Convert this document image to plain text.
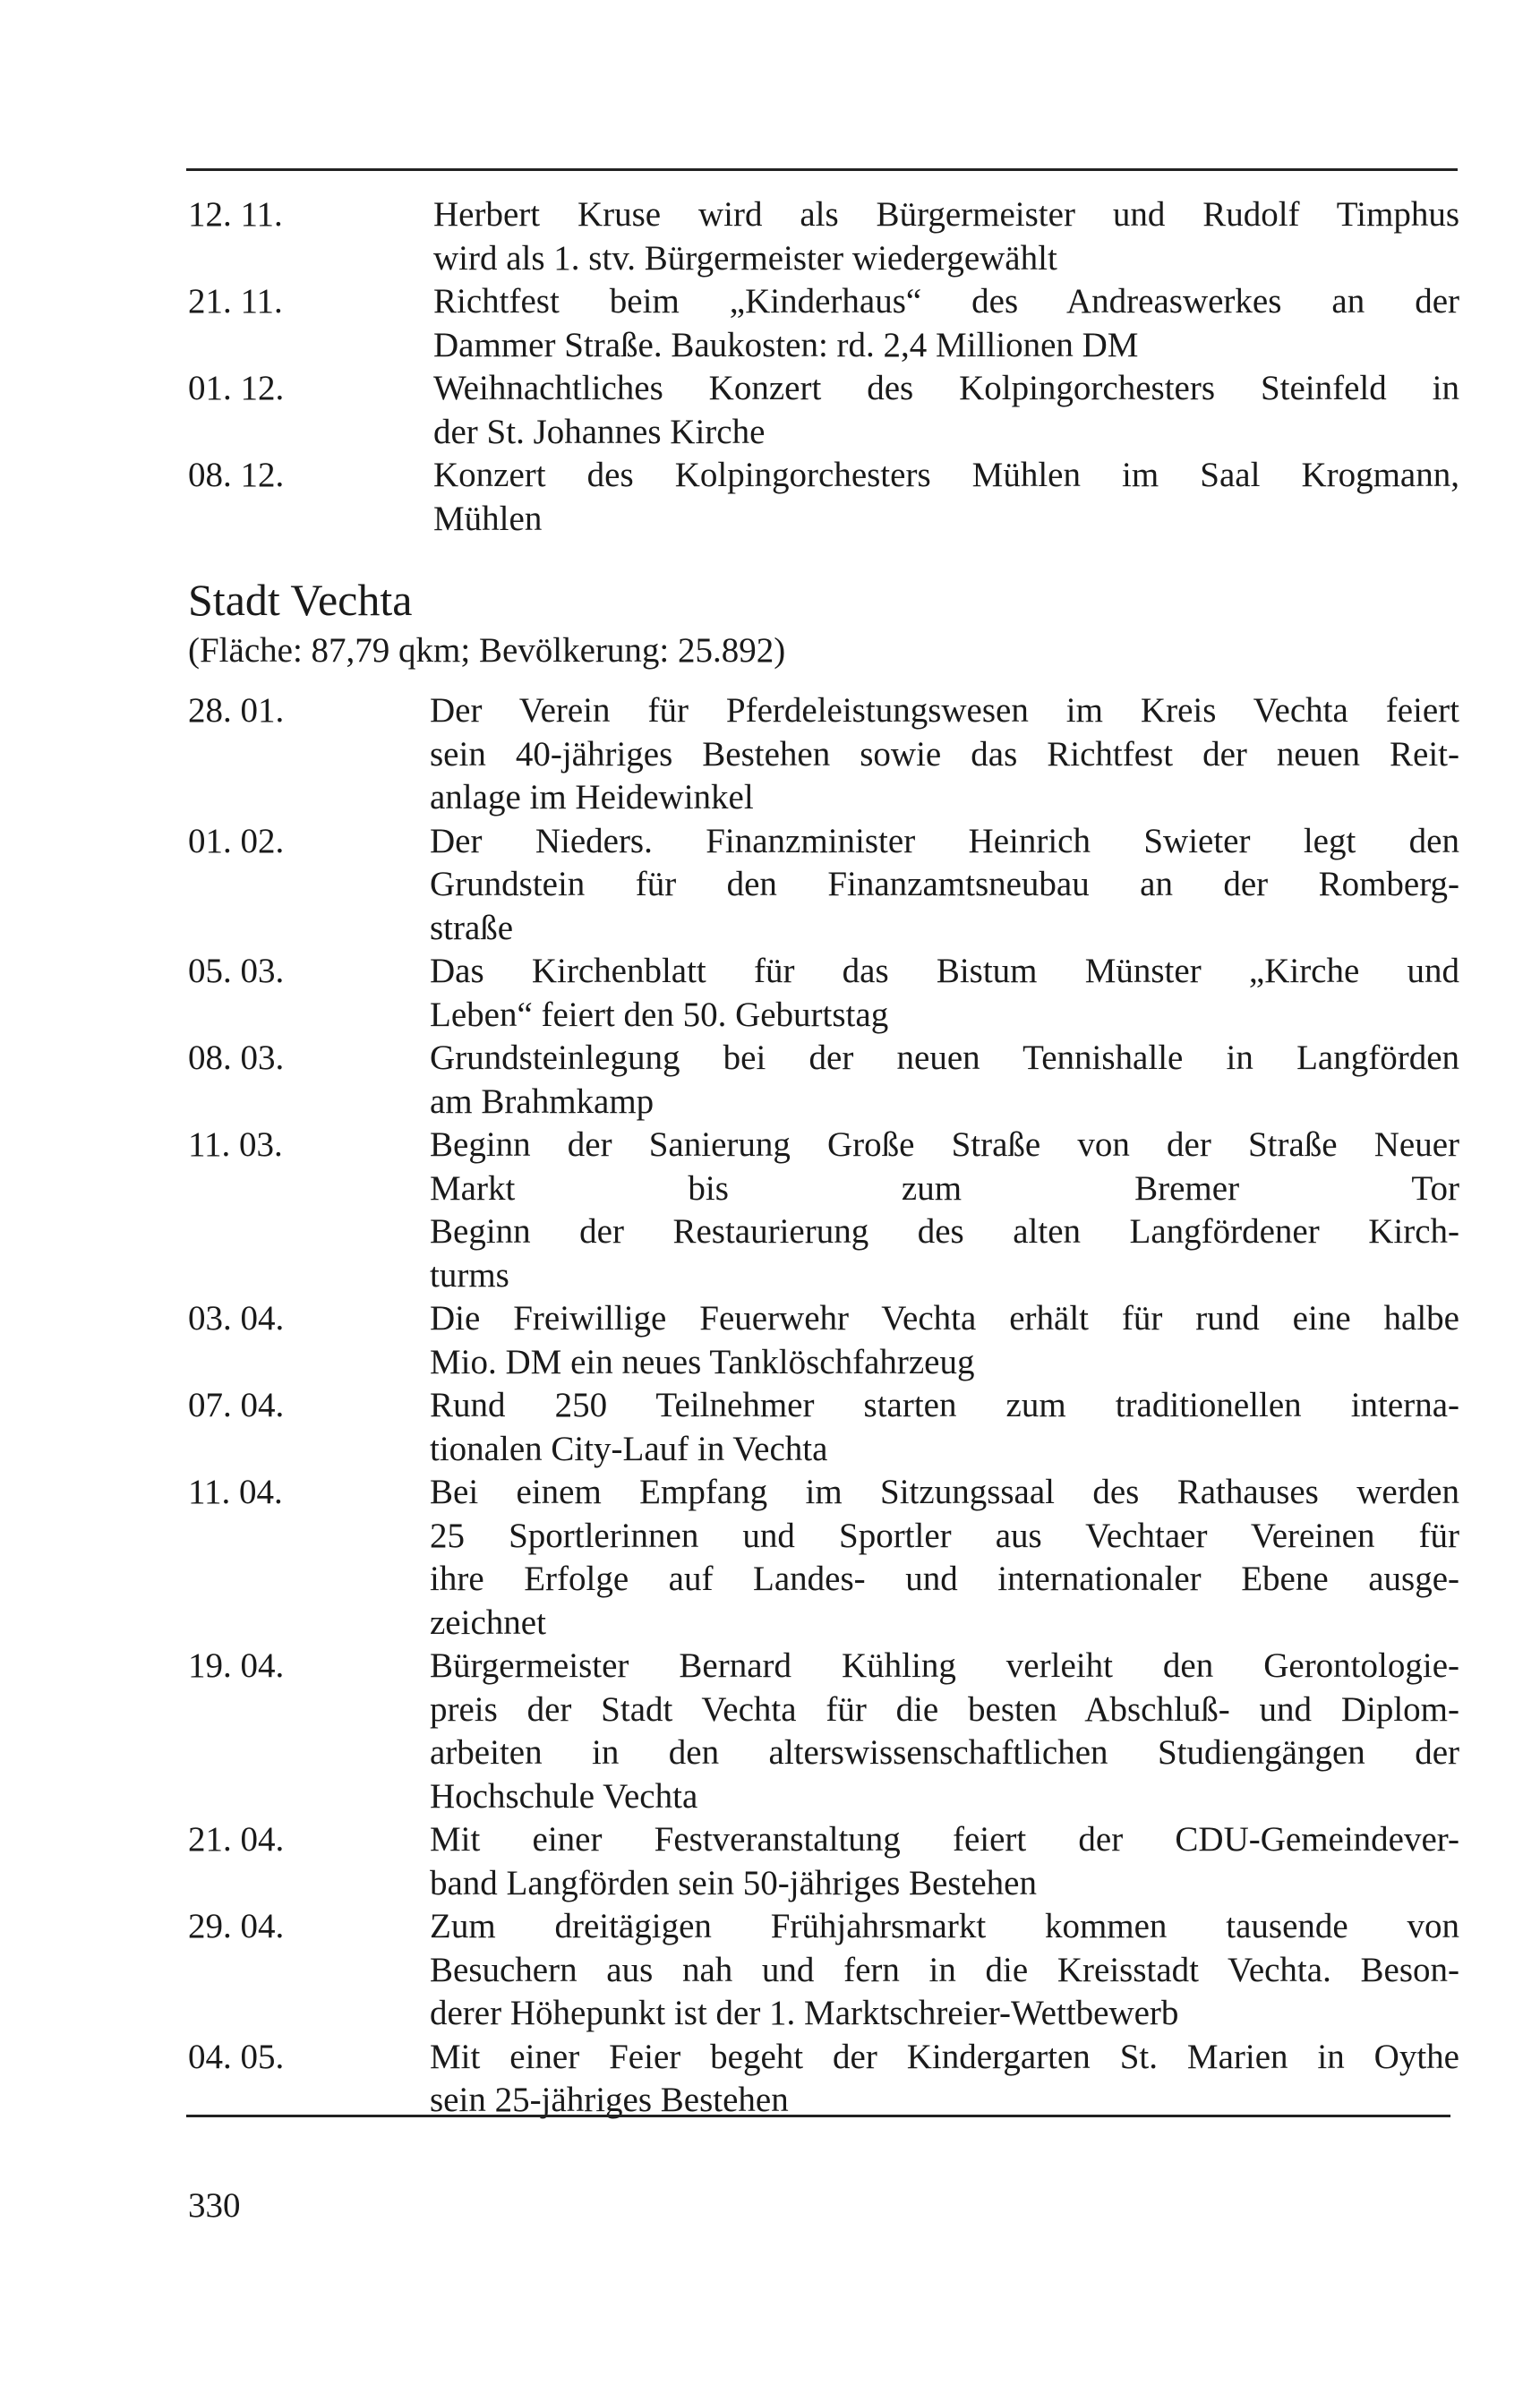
12. 11.	Herbert Kruse wird als Bürgermeister und Rudolf Timphus
wird als 1. stv. Bürgermeister wiedergewählt
21. 11.	Richtfest beim „Kinderhaus“ des Andreaswerkes an der
Dammer Straße. Baukosten: rd. 2,4 Millionen DM
01. 12.	Weihnachtliches Konzert des Kolpingorchesters Steinfeld in
der St. Johannes Kirche
08. 12.	Konzert des Kolpingorchesters Mühlen im Saal Krogmann,
Mühlen
Stadt Vechta
(Fläche: 87,79 qkm; Bevölkerung: 25.892)
28. 01.	Der Verein für Pferdeleistungswesen im Kreis Vechta feiert
sein 40-jähriges Bestehen sowie das Richtfest der neuen Reit-
anlage im Heidewinkel
01. 02.	Der Nieders. Finanzminister Heinrich Swieter legt den
Grundstein für den Finanzamtsneubau an der Romberg-
straße
05. 03.	Das Kirchenblatt für das Bistum Münster „Kirche und
Leben“ feiert den 50. Geburtstag
08. 03.	Grundsteinlegung bei der neuen Tennishalle in Langförden
am Brahmkamp
11. 03.	Beginn der Sanierung Große Straße von der Straße Neuer
Markt bis zum Bremer Tor
Beginn der Restaurierung des alten Langfördener Kirch-
turms
03. 04.	Die Freiwillige Feuerwehr Vechta erhält für rund eine halbe
Mio. DM ein neues Tanklöschfahrzeug
07. 04.	Rund 250 Teilnehmer starten zum traditionellen interna-
tionalen City-Lauf in Vechta
11. 04.	Bei einem Empfang im Sitzungssaal des Rathauses werden
25 Sportlerinnen und Sportler aus Vechtaer Vereinen für
ihre Erfolge auf Landes- und internationaler Ebene ausge-
zeichnet
19. 04.	Bürgermeister Bernard Kühling verleiht den Gerontologie-
preis der Stadt Vechta für die besten Abschluß- und Diplom-
arbeiten in den alterswissenschaftlichen Studiengängen der
Hochschule Vechta
21. 04.	Mit einer Festveranstaltung feiert der CDU-Gemeindever-
band Langförden sein 50-jähriges Bestehen
29. 04.	Zum dreitägigen Frühjahrsmarkt kommen tausende von
Besuchern aus nah und fern in die Kreisstadt Vechta. Beson-
derer Höhepunkt ist der 1. Marktschreier-Wettbewerb
04. 05.	Mit einer Feier begeht der Kindergarten St. Marien in Oythe
sein 25-jähriges Bestehen
330
